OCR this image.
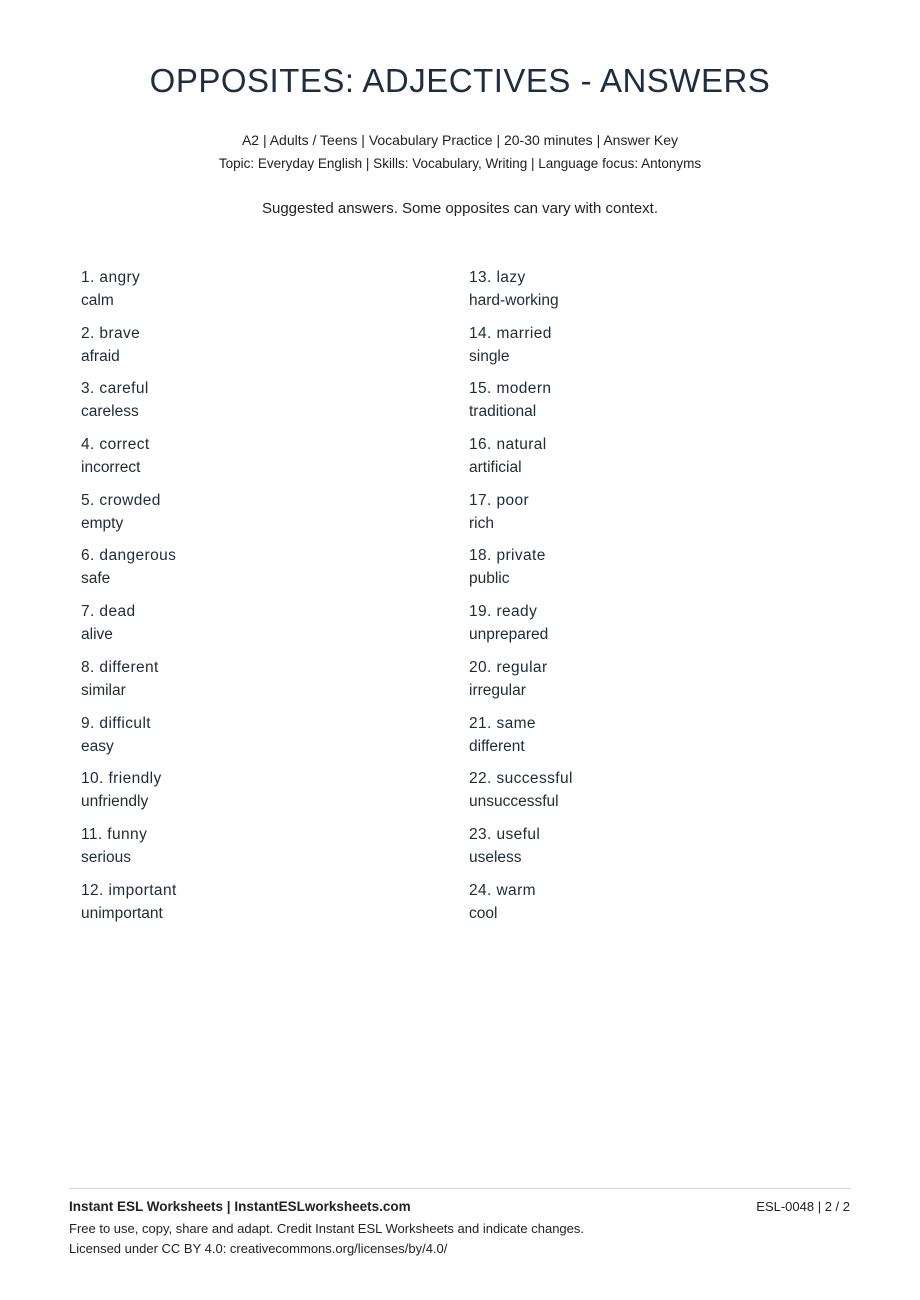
OPPOSITES: ADJECTIVES - ANSWERS
A2 | Adults / Teens | Vocabulary Practice | 20-30 minutes | Answer Key
Topic: Everyday English | Skills: Vocabulary, Writing | Language focus: Antonyms
Suggested answers. Some opposites can vary with context.
1. angry
calm
2. brave
afraid
3. careful
careless
4. correct
incorrect
5. crowded
empty
6. dangerous
safe
7. dead
alive
8. different
similar
9. difficult
easy
10. friendly
unfriendly
11. funny
serious
12. important
unimportant
13. lazy
hard-working
14. married
single
15. modern
traditional
16. natural
artificial
17. poor
rich
18. private
public
19. ready
unprepared
20. regular
irregular
21. same
different
22. successful
unsuccessful
23. useful
useless
24. warm
cool
Instant ESL Worksheets | InstantESLworksheets.com	ESL-0048 | 2 / 2
Free to use, copy, share and adapt. Credit Instant ESL Worksheets and indicate changes.
Licensed under CC BY 4.0: creativecommons.org/licenses/by/4.0/
